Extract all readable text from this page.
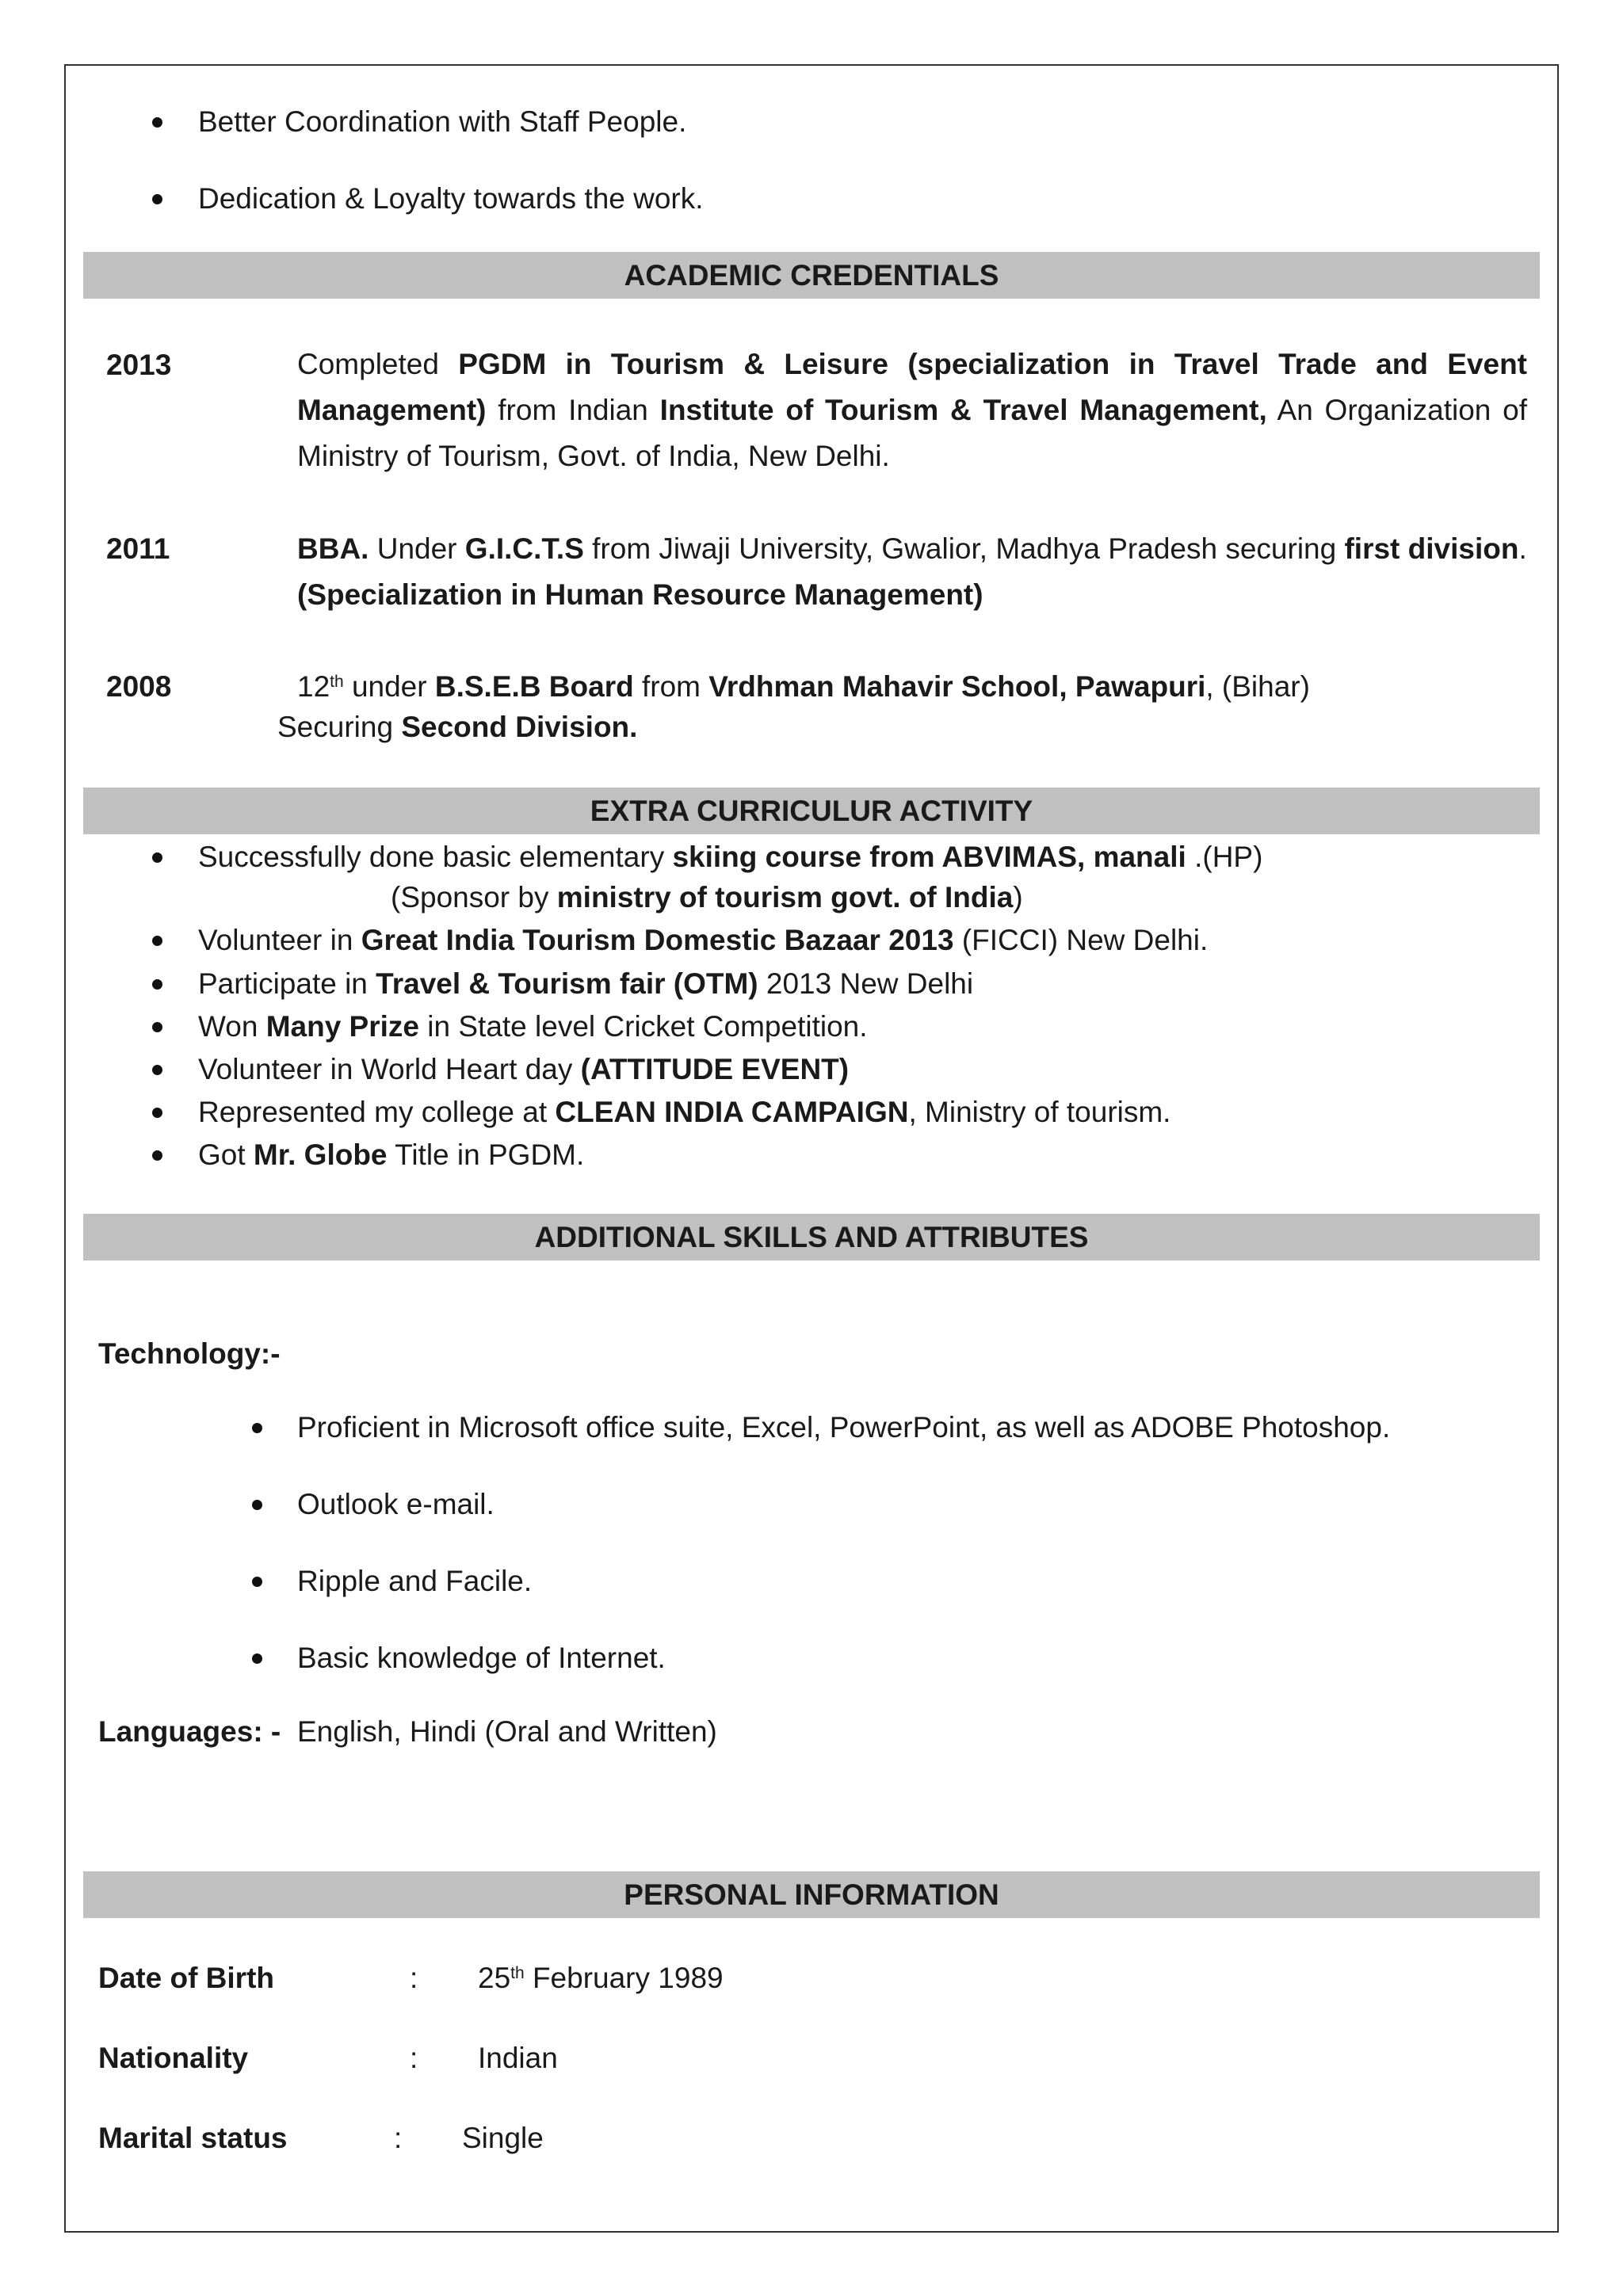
Better Coordination with Staff People.
Dedication & Loyalty towards the work.
ACADEMIC CREDENTIALS
2013	Completed PGDM in Tourism & Leisure (specialization in Travel Trade and Event Management) from Indian Institute of Tourism & Travel Management, An Organization of Ministry of Tourism, Govt. of India, New Delhi.
2011	BBA. Under G.I.C.T.S from Jiwaji University, Gwalior, Madhya Pradesh securing first division.
(Specialization in Human Resource Management)
2008	12th under B.S.E.B Board from Vrdhman Mahavir School, Pawapuri, (Bihar)
Securing Second Division.
EXTRA CURRICULUR ACTIVITY
Successfully done basic elementary skiing course from ABVIMAS, manali .(HP)
(Sponsor by ministry of tourism govt. of India)
Volunteer in Great India Tourism Domestic Bazaar 2013 (FICCI) New Delhi.
Participate in Travel & Tourism fair (OTM) 2013 New Delhi
Won Many Prize in State level Cricket Competition.
Volunteer in World Heart day (ATTITUDE EVENT)
Represented my college at CLEAN INDIA CAMPAIGN, Ministry of tourism.
Got Mr. Globe Title in PGDM.
ADDITIONAL SKILLS AND ATTRIBUTES
Technology:-
Proficient in Microsoft office suite, Excel, PowerPoint, as well as ADOBE Photoshop.
Outlook e-mail.
Ripple and Facile.
Basic knowledge of Internet.
Languages: - English, Hindi (Oral and Written)
PERSONAL INFORMATION
Date of Birth	: 25th February 1989
Nationality	: Indian
Marital status	: Single
